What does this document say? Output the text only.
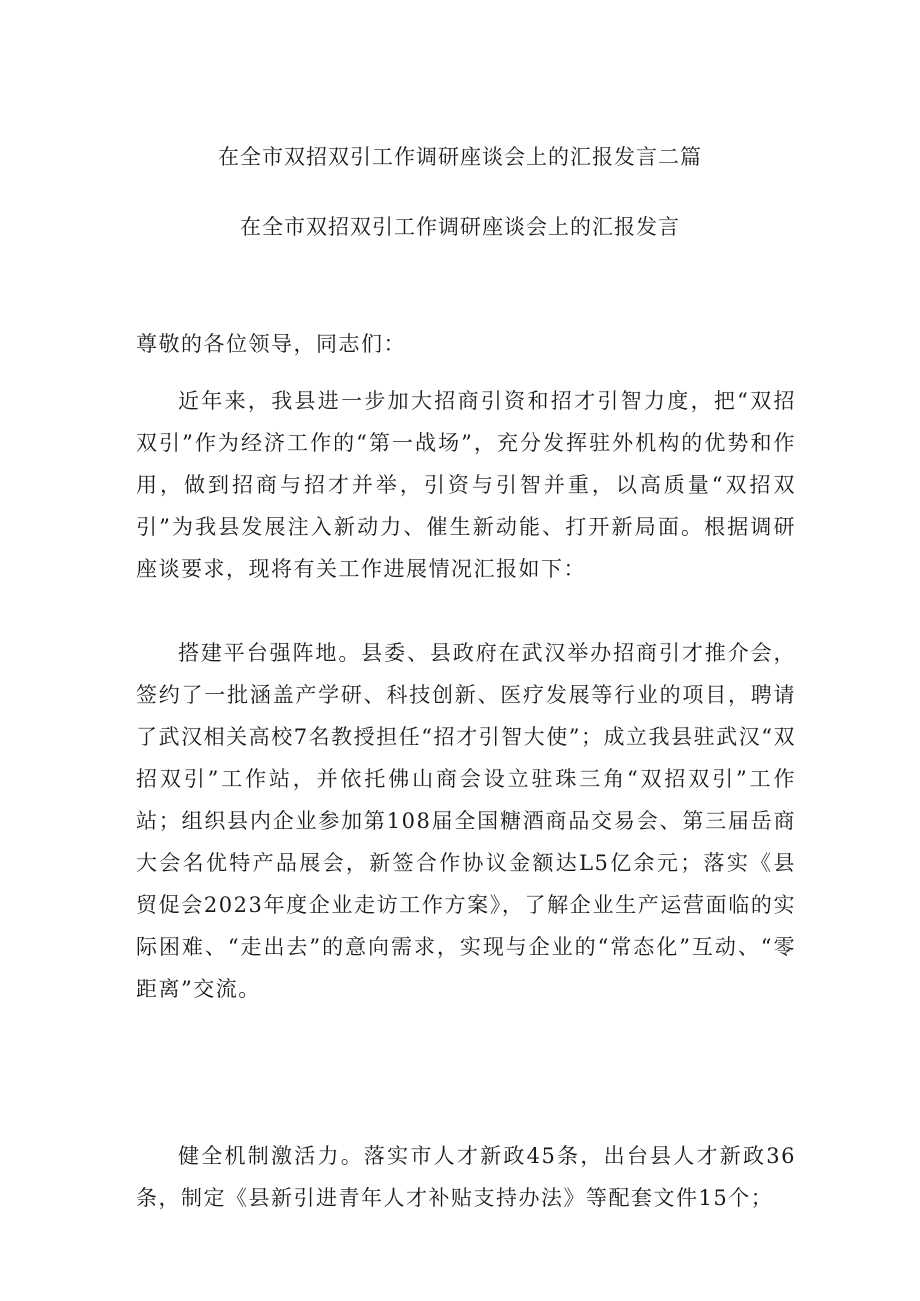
在全市双招双引工作调研座谈会上的汇报发言二篇
在全市双招双引工作调研座谈会上的汇报发言

尊敬的各位领导，同志们：

近年来，我县进一步加大招商引资和招才引智力度，把“双招双引”作为经济工作的“第一战场”，充分发挥驻外机构的优势和作用，做到招商与招才并举，引资与引智并重，以高质量“双招双引”为我县发展注入新动力、催生新动能、打开新局面。根据调研座谈要求，现将有关工作进展情况汇报如下：

搭建平台强阵地。县委、县政府在武汉举办招商引才推介会，签约了一批涵盖产学研、科技创新、医疗发展等行业的项目，聘请了武汉相关高校7名教授担任“招才引智大使”；成立我县驻武汉“双招双引”工作站，并依托佛山商会设立驻珠三角“双招双引”工作站；组织县内企业参加第108届全国糖酒商品交易会、第三届岳商大会名优特产品展会，新签合作协议金额达L5亿余元；落实《县贸促会2023年度企业走访工作方案》，了解企业生产运营面临的实际困难、“走出去”的意向需求，实现与企业的“常态化”互动、“零距离”交流。

健全机制激活力。落实市人才新政45条，出台县人才新政36条，制定《县新引进青年人才补贴支持办法》等配套文件15个；
